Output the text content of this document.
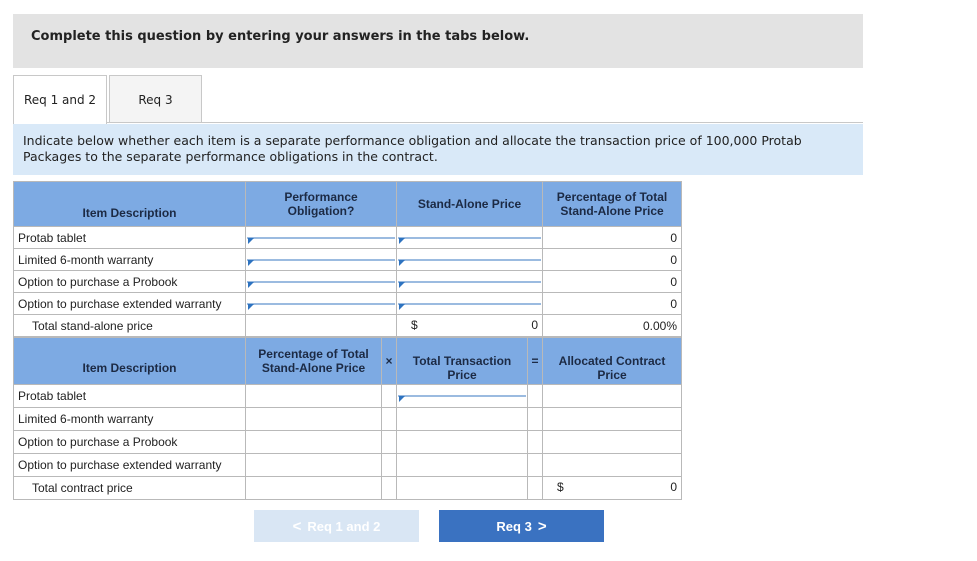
Complete this question by entering your answers in the tabs below.
Req 1 and 2	Req 3
Indicate below whether each item is a separate performance obligation and allocate the transaction price of 100,000 Protab Packages to the separate performance obligations in the contract.
Item Description	Performance Obligation?	Stand-Alone Price	Percentage of Total Stand-Alone Price

Protab tablet			0
Limited 6-month warranty			0
Option to purchase a Probook			0
Option to purchase extended warranty			0
Total stand-alone price		$ 0	0.00%
Item Description	Percentage of Total Stand-Alone Price	×	Total Transaction Price	=	Allocated Contract Price

Protab tablet			

Limited 6-month warranty					
Option to purchase a Probook					
Option to purchase extended warranty					
Total contract price					$ 0
< Req 1 and 2	Req 3 >
